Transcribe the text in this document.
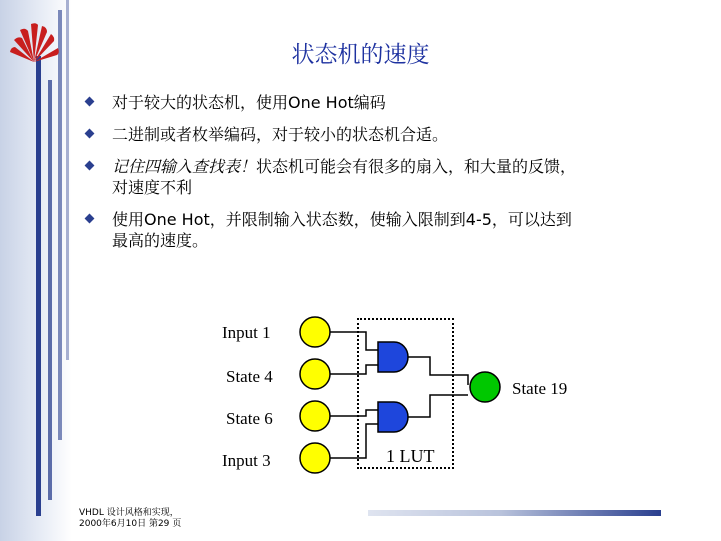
状态机的速度
对于较大的状态机，使用One Hot编码
二进制或者枚举编码，对于较小的状态机合适。
记住四输入查找表！状态机可能会有很多的扇入，和大量的反馈，
对速度不利
使用One Hot，并限制输入状态数，使输入限制到4-5，可以达到
最高的速度。
Input 1
State 4
State 6
Input 3
State 19
1 LUT
VHDL 设计风格和实现，
2000年6月10日 第29 页
